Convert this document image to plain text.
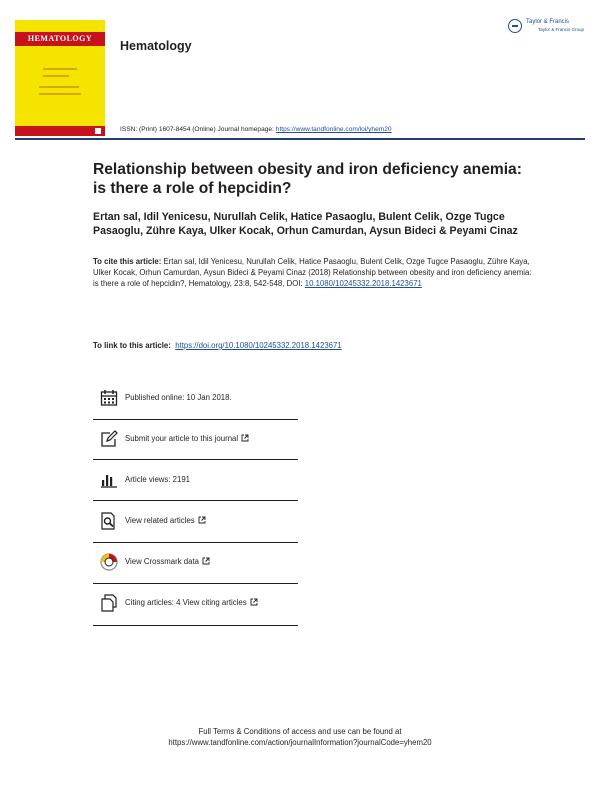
HEMATOLOGY
Hematology
Taylor & Francis
Taylor & Francis Group
ISSN: (Print) 1607-8454 (Online) Journal homepage: https://www.tandfonline.com/loi/yhem20
Relationship between obesity and iron deficiency anemia: is there a role of hepcidin?
Ertan sal, Idil Yenicesu, Nurullah Celik, Hatice Pasaoglu, Bulent Celik, Ozge Tugce Pasaoglu, Zühre Kaya, Ulker Kocak, Orhun Camurdan, Aysun Bideci & Peyami Cinaz
To cite this article: Ertan sal, Idil Yenicesu, Nurullah Celik, Hatice Pasaoglu, Bulent Celik, Ozge Tugce Pasaoglu, Zühre Kaya, Ulker Kocak, Orhun Camurdan, Aysun Bideci & Peyami Cinaz (2018) Relationship between obesity and iron deficiency anemia: is there a role of hepcidin?, Hematology, 23:8, 542-548, DOI: 10.1080/10245332.2018.1423671
To link to this article: https://doi.org/10.1080/10245332.2018.1423671
Published online: 10 Jan 2018.
Submit your article to this journal
Article views: 2191
View related articles
View Crossmark data
Citing articles: 4 View citing articles
Full Terms & Conditions of access and use can be found at
https://www.tandfonline.com/action/journalInformation?journalCode=yhem20
